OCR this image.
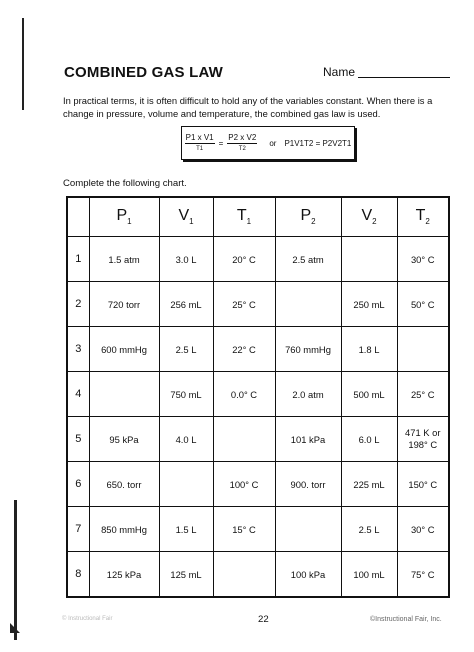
COMBINED GAS LAW	Name

In practical terms, it is often difficult to hold any of the variables constant. When there is a change in pressure, volume and temperature, the combined gas law is used.

$\frac{\text{P1 x V1}}{T1} = \frac{\text{P2 x V2}}{T2}$ or P1V1T2 = P2V2T1

Complete the following chart.

	$P_1$	$V_1$	$T_1$	$P_2$	$V_2$	$T_2$
1	1.5 atm	3.0 L	20° C	2.5 atm		30° C
2	720 torr	256 mL	25° C		250 mL	50° C
3	600 mmHg	2.5 L	22° C	760 mmHg	1.8 L	
4		750 mL	0.0° C	2.0 atm	500 mL	25° C
5	95 kPa	4.0 L		101 kPa	6.0 L	471 K or 198° C
6	650. torr		100° C	900. torr	225 mL	150° C
7	850 mmHg	1.5 L	15° C		2.5 L	30° C
8	125 kPa	125 mL		100 kPa	100 mL	75° C
© Instructional Fair	22	©Instructional Fair, Inc.
